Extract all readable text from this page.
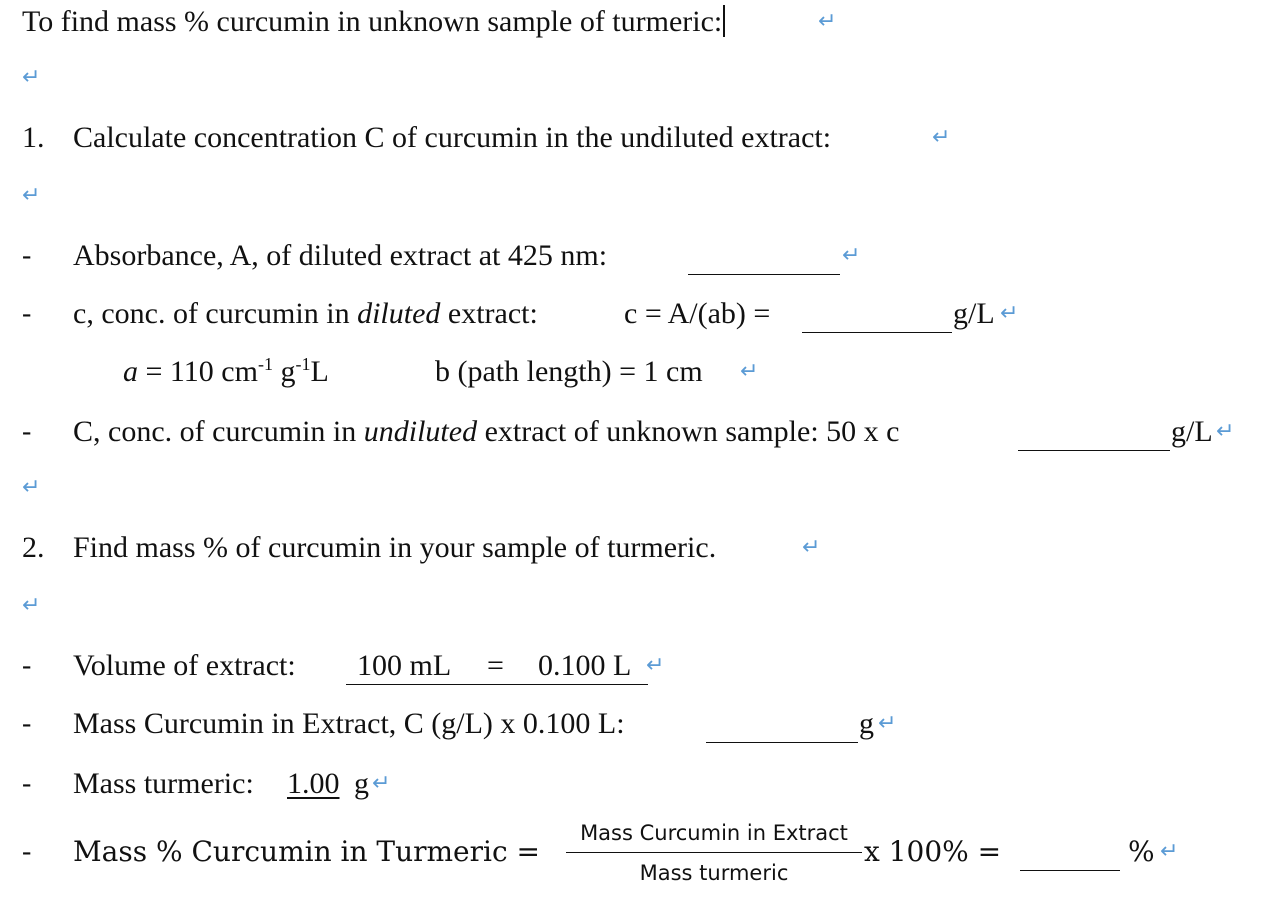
To find mass % curcumin in unknown sample of turmeric:	↵
↵
1. Calculate concentration C of curcumin in the undiluted extract:	↵
↵
- Absorbance, A, of diluted extract at 425 nm:	↵
- c, conc. of curcumin in diluted extract:	c = A/(ab) =	g/L ↵
a = 110 $cm^{-1}$ $g^{-1}L$	b (path length) = 1 cm ↵
- C, conc. of curcumin in undiluted extract of unknown sample: 50 x c	g/L ↵
↵
2. Find mass % of curcumin in your sample of turmeric.	↵
↵
- Volume of extract: 100 mL = 0.100 L ↵
- Mass Curcumin in Extract, C (g/L) x 0.100 L:	g ↵
- Mass turmeric: 1.00 g ↵
- Mass % Curcumin in Turmeric =	x 100% =	% ↵
Mass Curcumin in Extract
Mass turmeric
